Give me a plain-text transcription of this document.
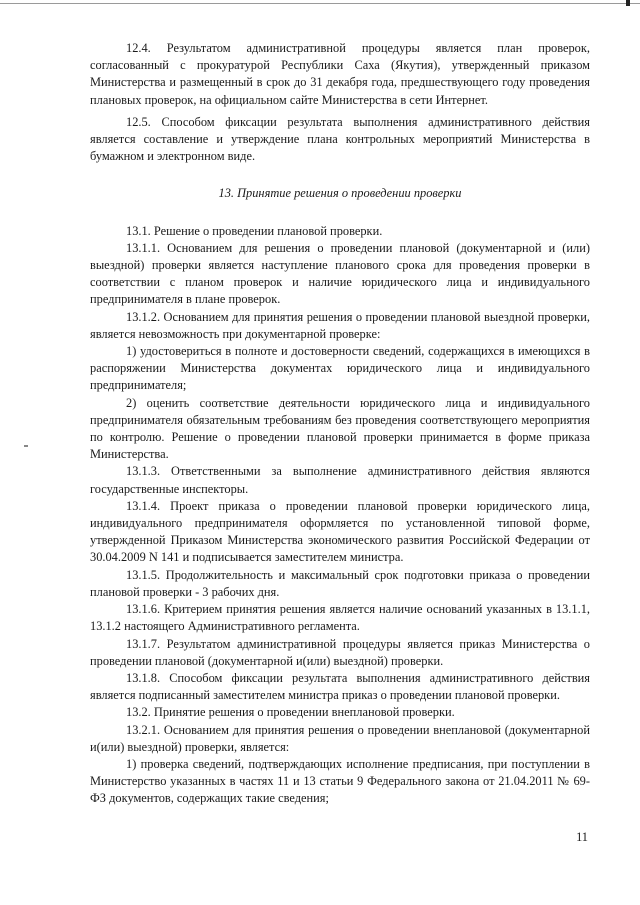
12.4. Результатом административной процедуры является план проверок, согласованный с прокуратурой Республики Саха (Якутия), утвержденный приказом Министерства и размещенный в срок до 31 декабря года, предшествующего году проведения плановых проверок, на официальном сайте Министерства в сети Интернет.

12.5. Способом фиксации результата выполнения административного действия является составление и утверждение плана контрольных мероприятий Министерства в бумажном и электронном виде.

13. Принятие решения о проведении проверки

13.1. Решение о проведении плановой проверки.

13.1.1. Основанием для решения о проведении плановой (документарной и (или) выездной) проверки является наступление планового срока для проведения проверки в соответствии с планом проверок и наличие юридического лица и индивидуального предпринимателя в плане проверок.

13.1.2. Основанием для принятия решения о проведении плановой выездной проверки, является невозможность при документарной проверке:

1) удостовериться в полноте и достоверности сведений, содержащихся в имеющихся в распоряжении Министерства документах юридического лица и индивидуального предпринимателя;

2) оценить соответствие деятельности юридического лица и индивидуального предпринимателя обязательным требованиям без проведения соответствующего мероприятия по контролю. Решение о проведении плановой проверки принимается в форме приказа Министерства.

13.1.3. Ответственными за выполнение административного действия являются государственные инспекторы.

13.1.4. Проект приказа о проведении плановой проверки юридического лица, индивидуального предпринимателя оформляется по установленной типовой форме, утвержденной Приказом Министерства экономического развития Российской Федерации от 30.04.2009 N 141 и подписывается заместителем министра.

13.1.5. Продолжительность и максимальный срок подготовки приказа о проведении плановой проверки - 3 рабочих дня.

13.1.6. Критерием принятия решения является наличие оснований указанных в 13.1.1, 13.1.2 настоящего Административного регламента.

13.1.7. Результатом административной процедуры является приказ Министерства о проведении плановой (документарной и(или) выездной) проверки.

13.1.8. Способом фиксации результата выполнения административного действия является подписанный заместителем министра приказ о проведении плановой проверки.

13.2. Принятие решения о проведении внеплановой проверки.

13.2.1. Основанием для принятия решения о проведении внеплановой (документарной и(или) выездной) проверки, является:

1) проверка сведений, подтверждающих исполнение предписания, при поступлении в Министерство указанных в частях 11 и 13 статьи 9 Федерального закона от 21.04.2011 № 69-ФЗ документов, содержащих такие сведения;

11
